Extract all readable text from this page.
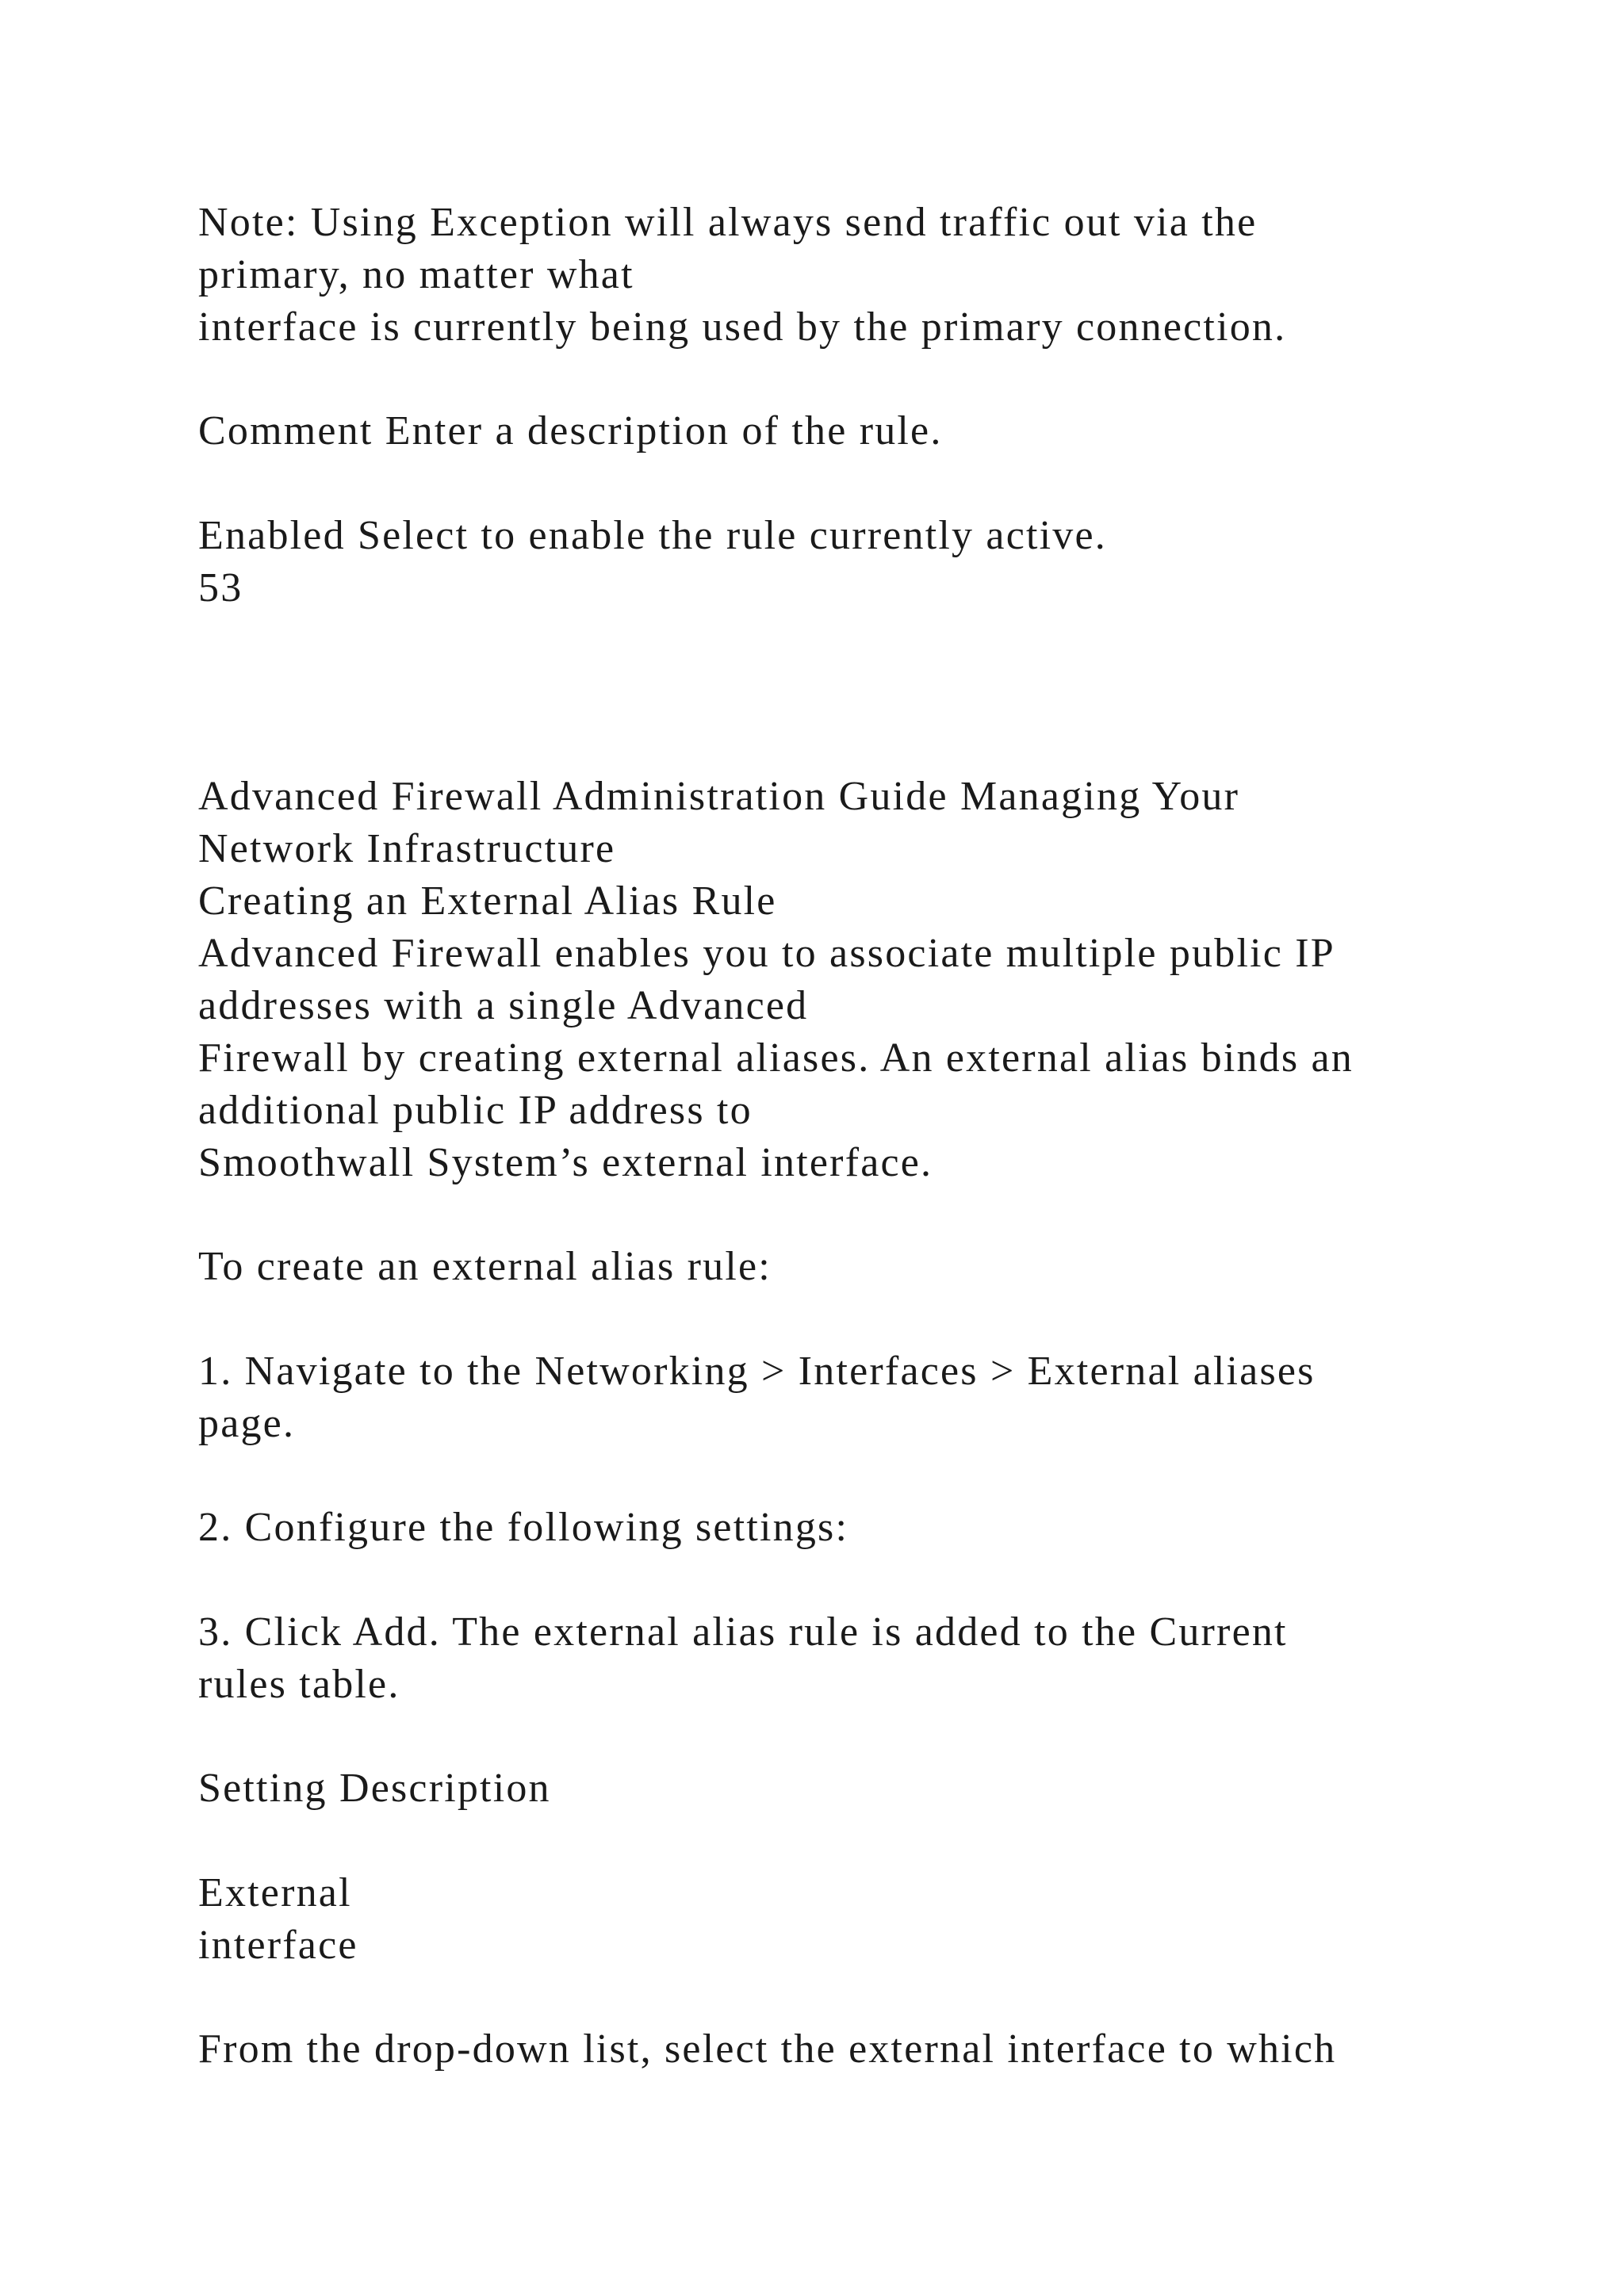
Note: Using Exception will always send traffic out via the

primary, no matter what

interface is currently being used by the primary connection.

Comment Enter a description of the rule.

Enabled Select to enable the rule currently active.

53

Advanced Firewall Administration Guide Managing Your

Network Infrastructure

Creating an External Alias Rule

Advanced Firewall enables you to associate multiple public IP

addresses with a single Advanced

Firewall by creating external aliases. An external alias binds an

additional public IP address to

Smoothwall System’s external interface.

To create an external alias rule:

1. Navigate to the Networking > Interfaces > External aliases

page.

2. Configure the following settings:

3. Click Add. The external alias rule is added to the Current

rules table.

Setting Description

External

interface

From the drop-down list, select the external interface to which
